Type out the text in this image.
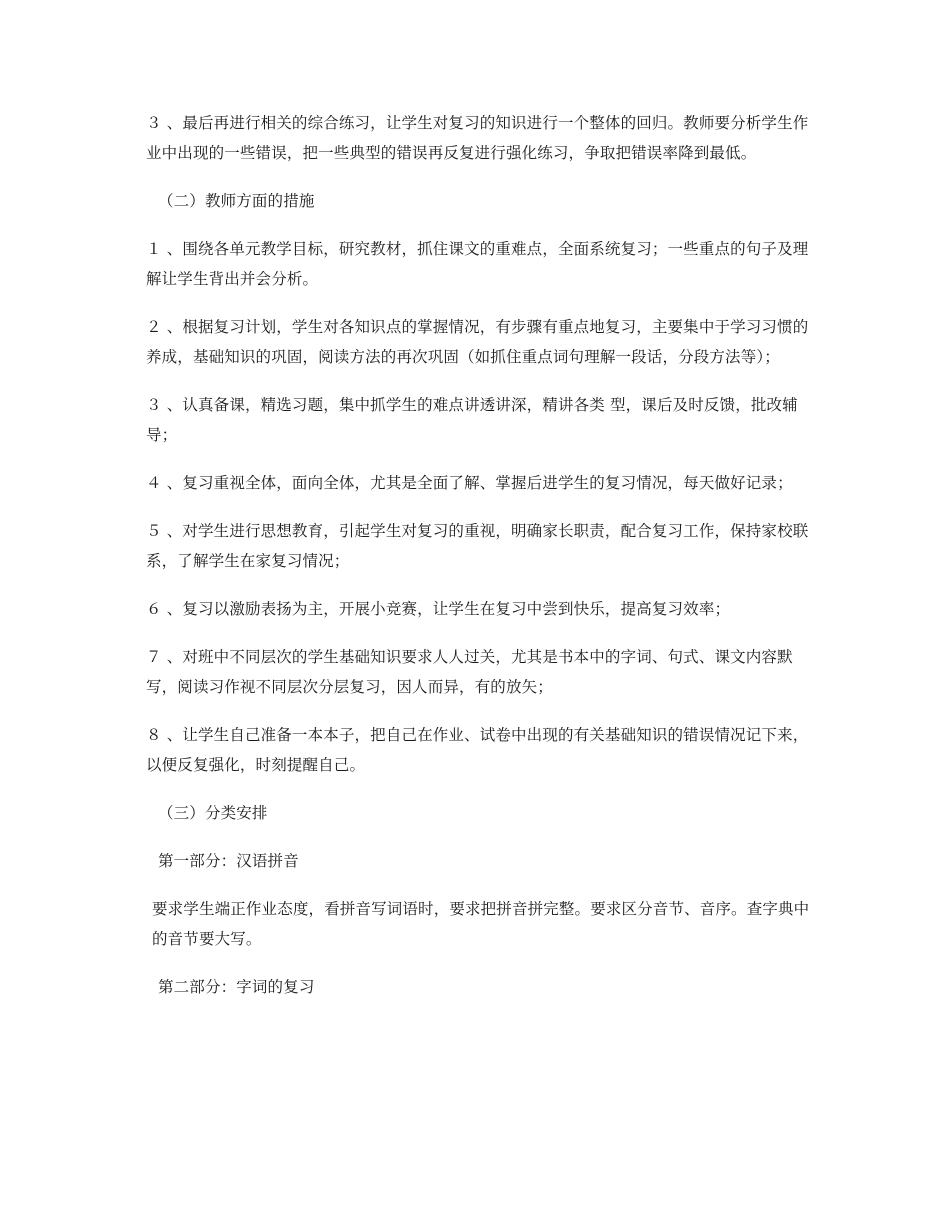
３ 、最后再进行相关的综合练习，让学生对复习的知识进行一个整体的回归。教师要分析学生作业中出现的一些错误，把一些典型的错误再反复进行强化练习，争取把错误率降到最低。

（二）教师方面的措施

１ 、围绕各单元教学目标，研究教材，抓住课文的重难点，全面系统复习；一些重点的句子及理解让学生背出并会分析。

２ 、根据复习计划，学生对各知识点的掌握情况，有步骤有重点地复习，主要集中于学习习惯的养成，基础知识的巩固，阅读方法的再次巩固（如抓住重点词句理解一段话，分段方法等）；

３ 、认真备课，精选习题，集中抓学生的难点讲透讲深，精讲各类 型，课后及时反馈，批改辅导；

４ 、复习重视全体，面向全体，尤其是全面了解、掌握后进学生的复习情况，每天做好记录；

５ 、对学生进行思想教育，引起学生对复习的重视，明确家长职责，配合复习工作，保持家校联系，了解学生在家复习情况；

６ 、复习以激励表扬为主，开展小竞赛，让学生在复习中尝到快乐，提高复习效率；

７ 、对班中不同层次的学生基础知识要求人人过关，尤其是书本中的字词、句式、课文内容默写，阅读习作视不同层次分层复习，因人而异，有的放矢；

８ 、让学生自己准备一本本子，把自己在作业、试卷中出现的有关基础知识的错误情况记下来，以便反复强化，时刻提醒自己。

（三）分类安排

第一部分：汉语拼音

要求学生端正作业态度，看拼音写词语时，要求把拼音拼完整。要求区分音节、音序。查字典中的音节要大写。

第二部分：字词的复习
